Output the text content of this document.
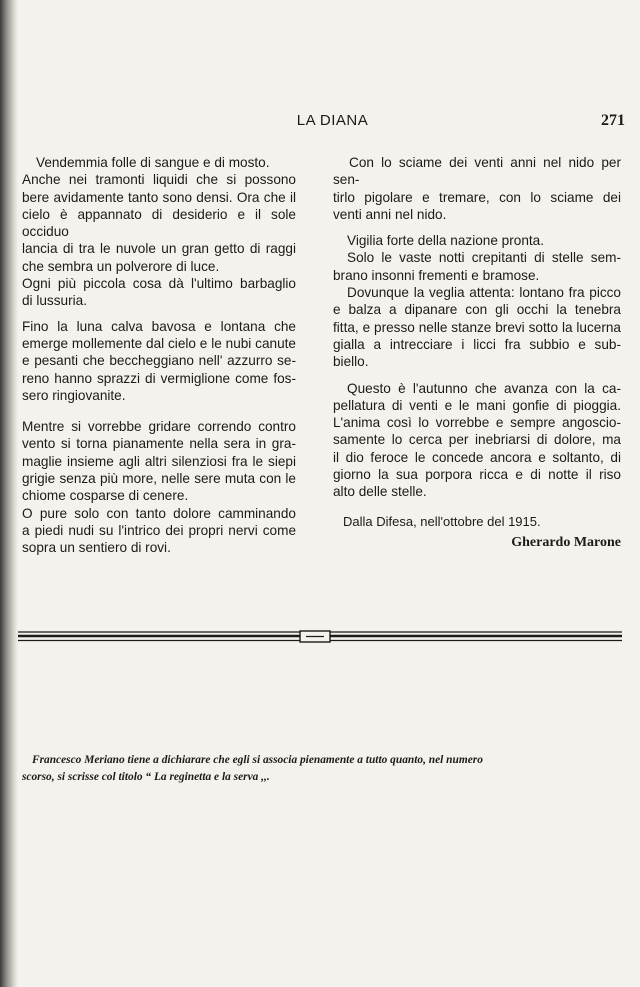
LA DIANA	271

Vendemmia folle di sangue e di mosto.

Anche nei tramonti liquidi che si possono

bere avidamente tanto sono densi. Ora che il

cielo è appannato di desiderio e il sole occiduo

lancia di tra le nuvole un gran getto di raggi

che sembra un polverore di luce.

Ogni più piccola cosa dà l'ultimo barbaglio

di lussuria.

Fino la luna calva bavosa e lontana che

emerge mollemente dal cielo e le nubi canute

e pesanti che beccheggiano nell' azzurro se-

reno hanno sprazzi di vermiglione come fos-

sero ringiovanite.

Mentre si vorrebbe gridare correndo contro

vento si torna pianamente nella sera in gra-

maglie insieme agli altri silenziosi fra le siepi

grigie senza più more, nelle sere muta con le

chiome cosparse di cenere.

O pure solo con tanto dolore camminando

a piedi nudi su l'intrico dei propri nervi come

sopra un sentiero di rovi.

Con lo sciame dei venti anni nel nido per sen-

tirlo pigolare e tremare, con lo sciame dei

venti anni nel nido.

Vigilia forte della nazione pronta.

Solo le vaste notti crepitanti di stelle sem-

brano insonni frementi e bramose.

Dovunque la veglia attenta: lontano fra picco

e balza a dipanare con gli occhi la tenebra

fitta, e presso nelle stanze brevi sotto la lucerna

gialla a intrecciare i licci fra subbio e sub-

biello.

Questo è l'autunno che avanza con la ca-

pellatura di venti e le mani gonfie di pioggia.

L'anima così lo vorrebbe e sempre angoscio-

samente lo cerca per inebriarsi di dolore, ma

il dio feroce le concede ancora e soltanto, di

giorno la sua porpora ricca e di notte il riso

alto delle stelle.

Dalla Difesa, nell'ottobre del 1915.

Gherardo Marone

Francesco Meriano tiene a dichiarare che egli si associa pienamente a tutto quanto, nel numero

scorso, si scrisse col titolo “ La reginetta e la serva ,,.
